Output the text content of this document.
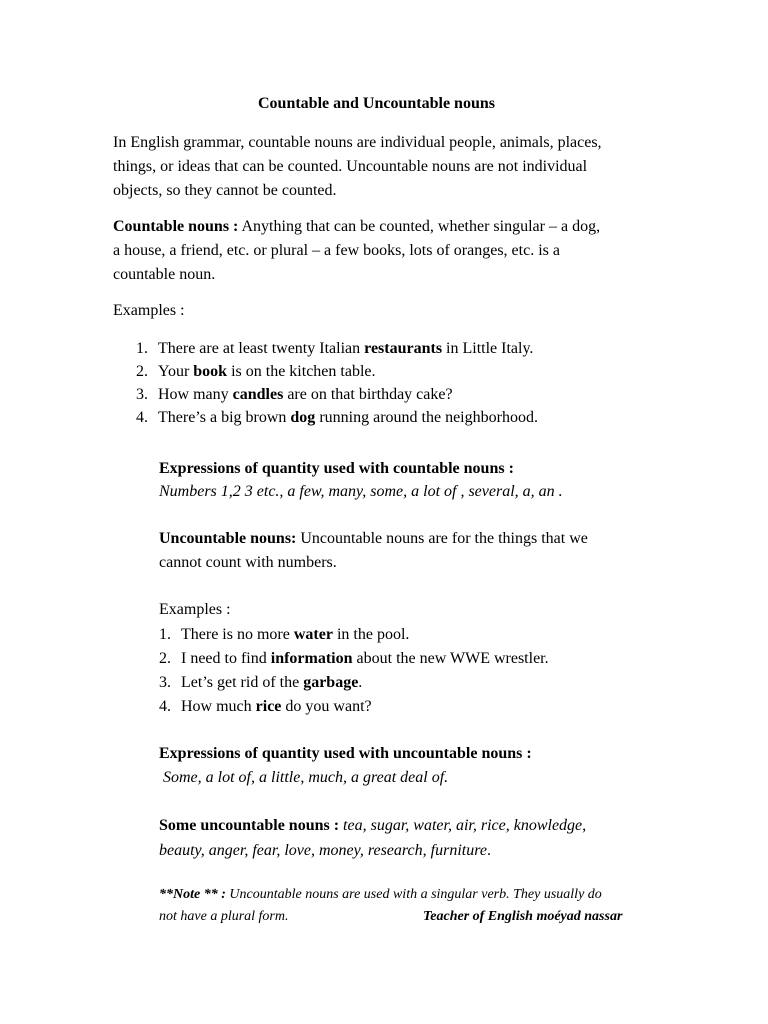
Countable and Uncountable nouns
In English grammar, countable nouns are individual people, animals, places,
things, or ideas that can be counted. Uncountable nouns are not individual
objects, so they cannot be counted.
Countable nouns : Anything that can be counted, whether singular – a dog,
a house, a friend, etc. or plural – a few books, lots of oranges, etc. is a
countable noun.
Examples :
1. There are at least twenty Italian restaurants in Little Italy.
2. Your book is on the kitchen table.
3. How many candles are on that birthday cake?
4. There’s a big brown dog running around the neighborhood.
Expressions of quantity used with countable nouns :
Numbers 1,2 3 etc., a few, many, some, a lot of , several, a, an .
Uncountable nouns: Uncountable nouns are for the things that we
cannot count with numbers.
Examples :
1. There is no more water in the pool.
2. I need to find information about the new WWE wrestler.
3. Let’s get rid of the garbage.
4. How much rice do you want?
Expressions of quantity used with uncountable nouns :
Some, a lot of, a little, much, a great deal of.
Some uncountable nouns : tea, sugar, water, air, rice, knowledge,
beauty, anger, fear, love, money, research, furniture.
**Note ** : Uncountable nouns are used with a singular verb. They usually do
not have a plural form.	Teacher of English moéyad nassar
